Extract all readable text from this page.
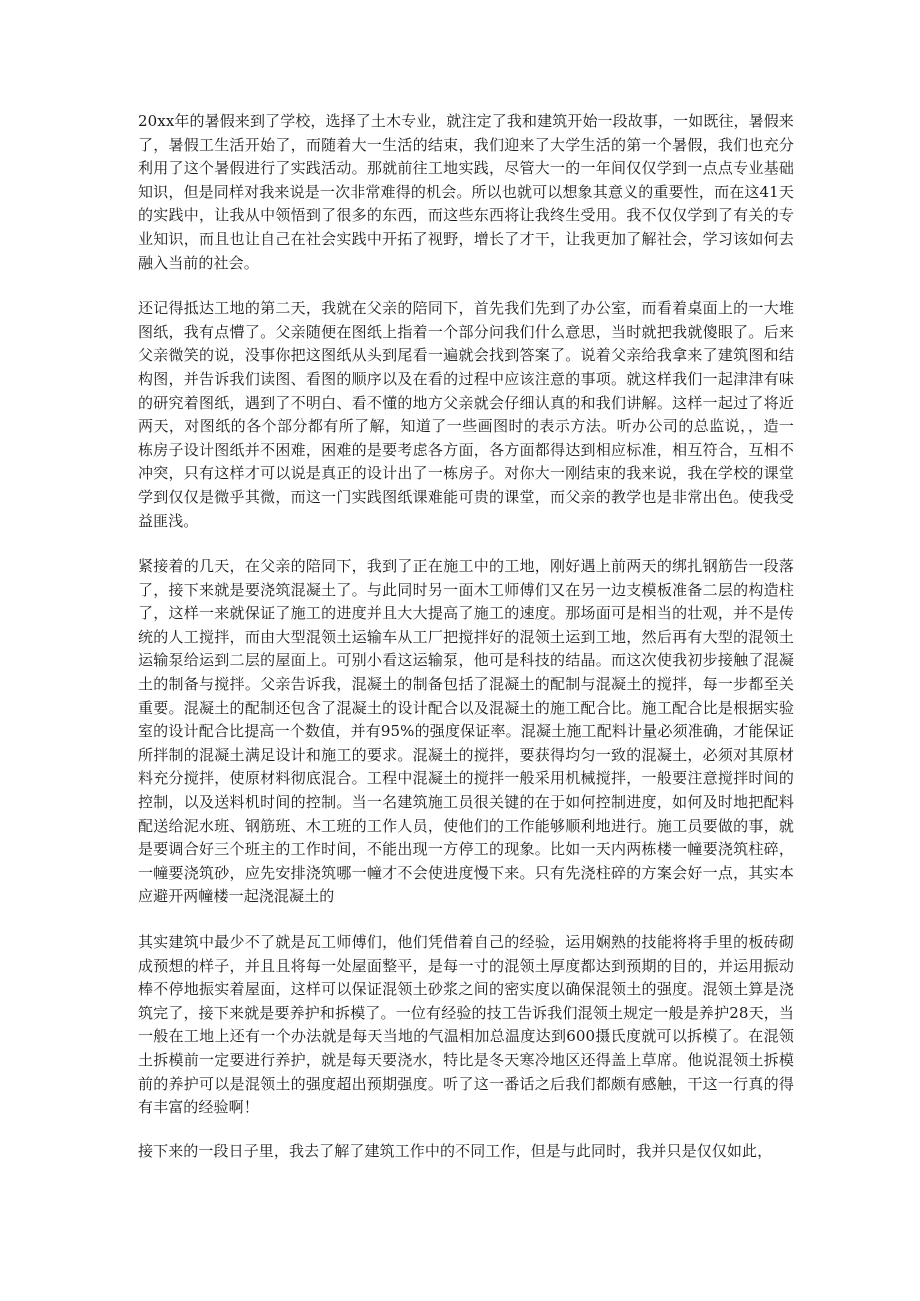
20xx年的暑假来到了学校，选择了土木专业，就注定了我和建筑开始一段故事，一如既往，暑假来了，暑假工生活开始了，而随着大一生活的结束，我们迎来了大学生活的第一个暑假，我们也充分利用了这个暑假进行了实践活动。那就前往工地实践，尽管大一的一年间仅仅学到一点点专业基础知识，但是同样对我来说是一次非常难得的机会。所以也就可以想象其意义的重要性，而在这41天的实践中，让我从中领悟到了很多的东西，而这些东西将让我终生受用。我不仅仅学到了有关的专业知识，而且也让自己在社会实践中开拓了视野，增长了才干，让我更加了解社会，学习该如何去融入当前的社会。

还记得抵达工地的第二天，我就在父亲的陪同下，首先我们先到了办公室，而看着桌面上的一大堆图纸，我有点懵了。父亲随便在图纸上指着一个部分问我们什么意思，当时就把我就傻眼了。后来父亲微笑的说，没事你把这图纸从头到尾看一遍就会找到答案了。说着父亲给我拿来了建筑图和结构图，并告诉我们读图、看图的顺序以及在看的过程中应该注意的事项。就这样我们一起津津有味的研究着图纸，遇到了不明白、看不懂的地方父亲就会仔细认真的和我们讲解。这样一起过了将近两天，对图纸的各个部分都有所了解，知道了一些画图时的表示方法。听办公司的总监说，，造一栋房子设计图纸并不困难，困难的是要考虑各方面，各方面都得达到相应标准，相互符合，互相不冲突，只有这样才可以说是真正的设计出了一栋房子。对你大一刚结束的我来说，我在学校的课堂学到仅仅是微乎其微，而这一门实践图纸课难能可贵的课堂，而父亲的教学也是非常出色。使我受益匪浅。

紧接着的几天，在父亲的陪同下，我到了正在施工中的工地，刚好遇上前两天的绑扎钢筋告一段落了，接下来就是要浇筑混凝土了。与此同时另一面木工师傅们又在另一边支模板准备二层的构造柱了，这样一来就保证了施工的进度并且大大提高了施工的速度。那场面可是相当的壮观，并不是传统的人工搅拌，而由大型混领土运输车从工厂把搅拌好的混领土运到工地，然后再有大型的混领土运输泵给运到二层的屋面上。可别小看这运输泵，他可是科技的结晶。而这次使我初步接触了混凝土的制备与搅拌。父亲告诉我，混凝土的制备包括了混凝土的配制与混凝土的搅拌，每一步都至关重要。混凝土的配制还包含了混凝土的设计配合以及混凝土的施工配合比。施工配合比是根据实验室的设计配合比提高一个数值，并有95%的强度保证率。混凝土施工配料计量必须准确，才能保证所拌制的混凝土满足设计和施工的要求。混凝土的搅拌，要获得均匀一致的混凝土，必须对其原材料充分搅拌，使原材料彻底混合。工程中混凝土的搅拌一般采用机械搅拌，一般要注意搅拌时间的控制，以及送料机时间的控制。当一名建筑施工员很关键的在于如何控制进度，如何及时地把配料配送给泥水班、钢筋班、木工班的工作人员，使他们的工作能够顺利地进行。施工员要做的事，就是要调合好三个班主的工作时间，不能出现一方停工的现象。比如一天内两栋楼一幢要浇筑柱碎，一幢要浇筑砂，应先安排浇筑哪一幢才不会使进度慢下来。只有先浇柱碎的方案会好一点，其实本应避开两幢楼一起浇混凝土的

其实建筑中最少不了就是瓦工师傅们，他们凭借着自己的经验，运用娴熟的技能将将手里的板砖砌成预想的样子，并且且将每一处屋面整平，是每一寸的混领土厚度都达到预期的目的，并运用振动棒不停地振实着屋面，这样可以保证混领土砂浆之间的密实度以确保混领土的强度。混领土算是浇筑完了，接下来就是要养护和拆模了。一位有经验的技工告诉我们混领土规定一般是养护28天，当一般在工地上还有一个办法就是每天当地的气温相加总温度达到600摄氏度就可以拆模了。在混领土拆模前一定要进行养护，就是每天要浇水，特比是冬天寒冷地区还得盖上草席。他说混领土拆模前的养护可以是混领土的强度超出预期强度。听了这一番话之后我们都颇有感触，干这一行真的得有丰富的经验啊！

接下来的一段日子里，我去了解了建筑工作中的不同工作，但是与此同时，我并只是仅仅如此，
